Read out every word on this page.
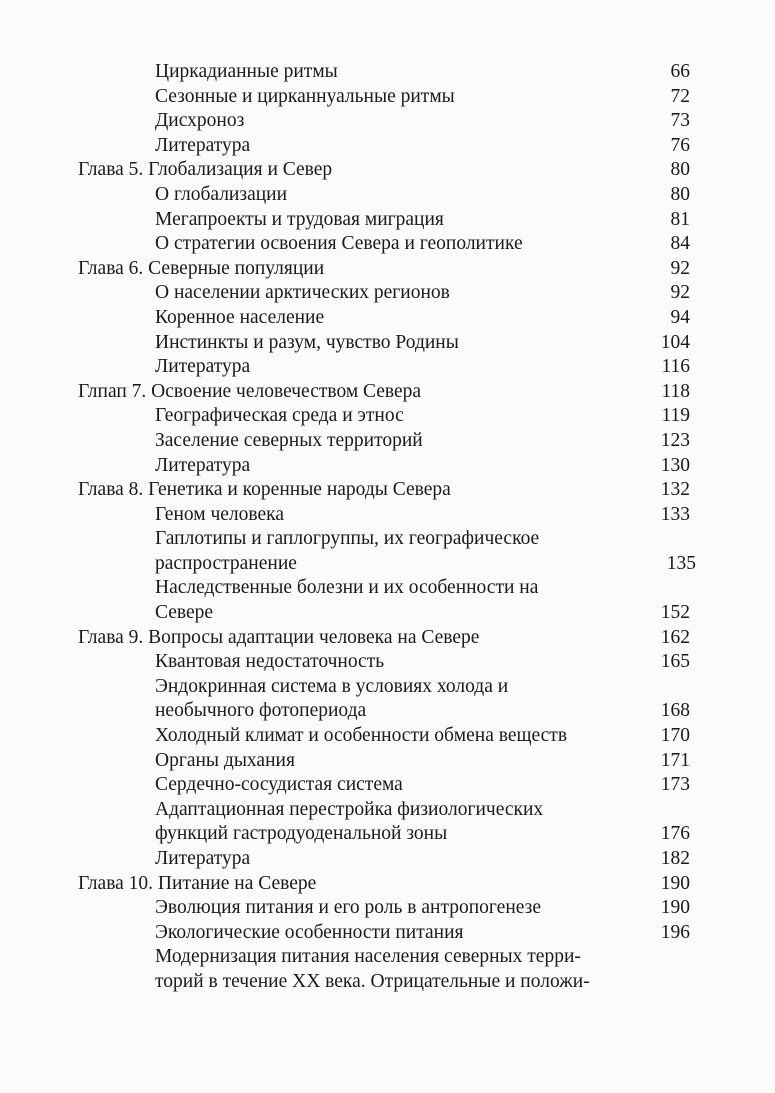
Циркадианные ритмы	66
Сезонные и цирканнуальные ритмы	72
Дисхроноз	73
Литература	76
Глава 5. Глобализация и Север	80
О глобализации	80
Мегапроекты и трудовая миграция	81
О стратегии освоения Севера и геополитике	84
Глава 6. Северные популяции	92
О населении арктических регионов	92
Коренное население	94
Инстинкты и разум, чувство Родины	104
Литература	116
Глпап 7. Освоение человечеством Севера	118
Географическая среда и этнос	119
Заселение северных территорий	123
Литература	130
Глава 8. Генетика и коренные народы Севера	132
Геном человека	133
Гаплотипы и гаплогруппы, их географическое
распространение	135
Наследственные болезни и их особенности на
Севере	152
Глава 9. Вопросы адаптации человека на Севере	162
Квантовая недостаточность	165
Эндокринная система в условиях холода и
необычного фотопериода	168
Холодный климат и особенности обмена веществ	170
Органы дыхания	171
Сердечно-сосудистая система	173
Адаптационная перестройка физиологических
функций гастродуоденальной зоны	176
Литература	182
Глава 10. Питание на Севере	190
Эволюция питания и его роль в антропогенезе	190
Экологические особенности питания	196
Модернизация питания населения северных терри-
торий в течение XX века. Отрицательные и положи-
